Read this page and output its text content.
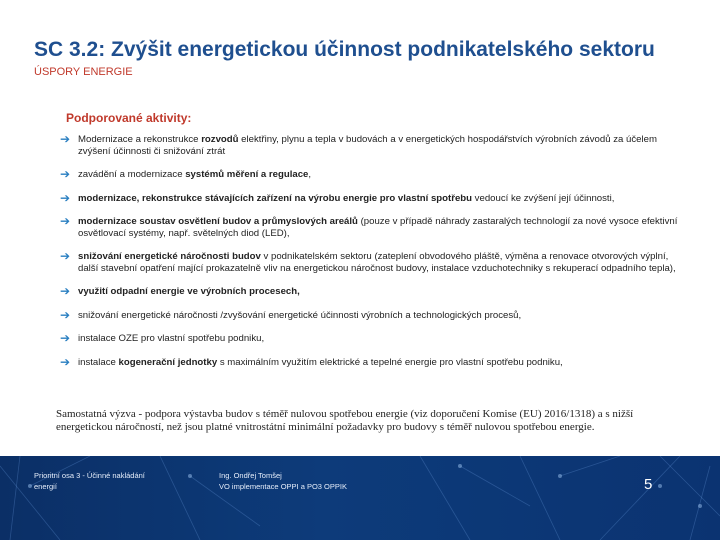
SC 3.2: Zvýšit energetickou účinnost podnikatelského sektoru
ÚSPORY ENERGIE
Podporované aktivity:
➔ Modernizace a rekonstrukce rozvodů elektřiny, plynu a tepla v budovách a v energetických hospodářstvích výrobních závodů za účelem zvýšení účinnosti či snižování ztrát
➔ zavádění a modernizace systémů měření a regulace,
➔ modernizace, rekonstrukce stávajících zařízení na výrobu energie pro vlastní spotřebu vedoucí ke zvýšení její účinnosti,
➔ modernizace soustav osvětlení budov a průmyslových areálů (pouze v případě náhrady zastaralých technologií za nové vysoce efektivní osvětlovací systémy, např. světelných diod (LED),
➔ snižování energetické náročnosti budov v podnikatelském sektoru (zateplení obvodového pláště, výměna a renovace otvorových výplní, další stavební opatření mající prokazatelně vliv na energetickou náročnost budovy, instalace vzduchotechniky s rekuperací odpadního tepla),
➔ využití odpadní energie ve výrobních procesech,
➔ snižování energetické náročnosti /zvyšování energetické účinnosti výrobních a technologických procesů,
➔ instalace OZE pro vlastní spotřebu podniku,
➔ instalace kogenerační jednotky s maximálním využitím elektrické a tepelné energie pro vlastní spotřebu podniku,
Samostatná výzva - podpora výstavba budov s téměř nulovou spotřebou energie (viz doporučení Komise (EU) 2016/1318) a s nižší energetickou náročností, než jsou platné vnitrostátní minimální požadavky pro budovy s téměř nulovou spotřebou energie.
Prioritní osa 3 - Účinné nakládání
energií
Ing. Ondřej Tomšej
VO implementace OPPI a PO3 OPPIK	5
